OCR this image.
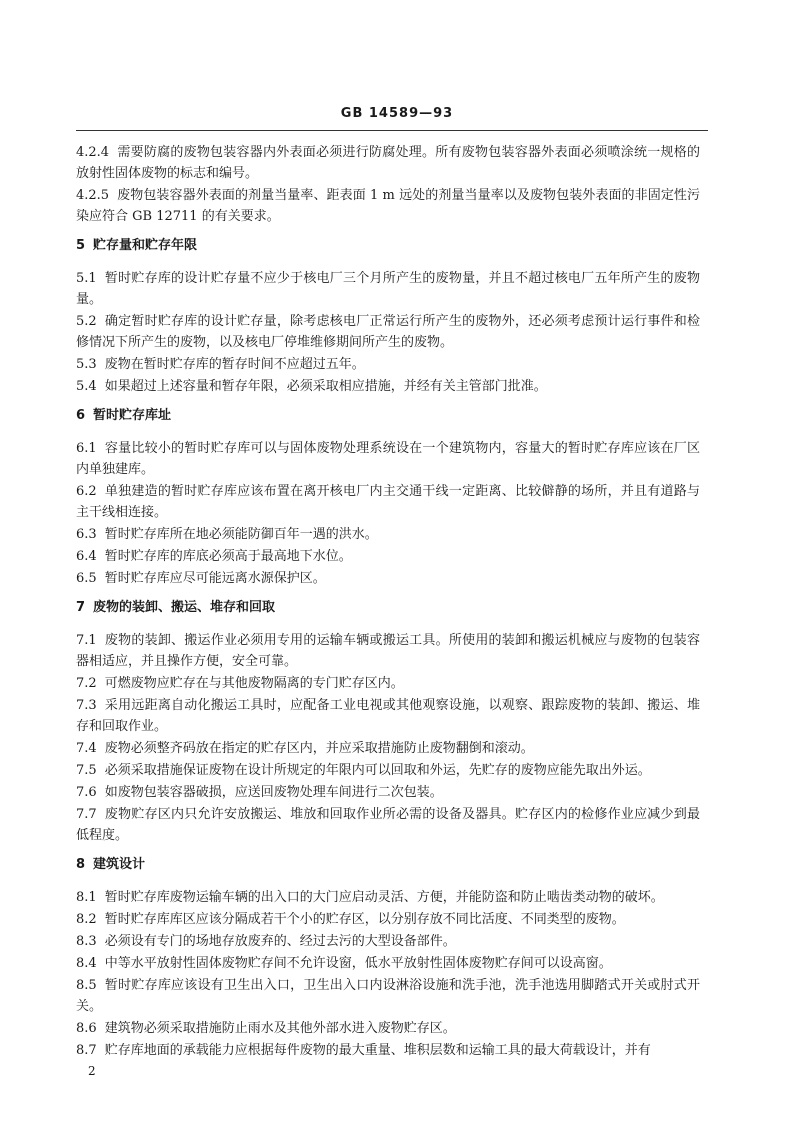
GB 14589—93
4.2.4 需要防腐的废物包装容器内外表面必须进行防腐处理。所有废物包装容器外表面必须喷涂统一规格的放射性固体废物的标志和编号。
4.2.5 废物包装容器外表面的剂量当量率、距表面 1 m 远处的剂量当量率以及废物包装外表面的非固定性污染应符合 GB 12711 的有关要求。
5 贮存量和贮存年限
5.1 暂时贮存库的设计贮存量不应少于核电厂三个月所产生的废物量，并且不超过核电厂五年所产生的废物量。
5.2 确定暂时贮存库的设计贮存量，除考虑核电厂正常运行所产生的废物外，还必须考虑预计运行事件和检修情况下所产生的废物，以及核电厂停堆维修期间所产生的废物。
5.3 废物在暂时贮存库的暂存时间不应超过五年。
5.4 如果超过上述容量和暂存年限，必须采取相应措施，并经有关主管部门批准。
6 暂时贮存库址
6.1 容量比较小的暂时贮存库可以与固体废物处理系统设在一个建筑物内，容量大的暂时贮存库应该在厂区内单独建库。
6.2 单独建造的暂时贮存库应该布置在离开核电厂内主交通干线一定距离、比较僻静的场所，并且有道路与主干线相连接。
6.3 暂时贮存库所在地必须能防御百年一遇的洪水。
6.4 暂时贮存库的库底必须高于最高地下水位。
6.5 暂时贮存库应尽可能远离水源保护区。
7 废物的装卸、搬运、堆存和回取
7.1 废物的装卸、搬运作业必须用专用的运输车辆或搬运工具。所使用的装卸和搬运机械应与废物的包装容器相适应，并且操作方便，安全可靠。
7.2 可燃废物应贮存在与其他废物隔离的专门贮存区内。
7.3 采用远距离自动化搬运工具时，应配备工业电视或其他观察设施，以观察、跟踪废物的装卸、搬运、堆存和回取作业。
7.4 废物必须整齐码放在指定的贮存区内，并应采取措施防止废物翻倒和滚动。
7.5 必须采取措施保证废物在设计所规定的年限内可以回取和外运，先贮存的废物应能先取出外运。
7.6 如废物包装容器破损，应送回废物处理车间进行二次包装。
7.7 废物贮存区内只允许安放搬运、堆放和回取作业所必需的设备及器具。贮存区内的检修作业应减少到最低程度。
8 建筑设计
8.1 暂时贮存库废物运输车辆的出入口的大门应启动灵活、方便，并能防盗和防止啮齿类动物的破坏。
8.2 暂时贮存库库区应该分隔成若干个小的贮存区，以分别存放不同比活度、不同类型的废物。
8.3 必须设有专门的场地存放废弃的、经过去污的大型设备部件。
8.4 中等水平放射性固体废物贮存间不允许设窗，低水平放射性固体废物贮存间可以设高窗。
8.5 暂时贮存库应该设有卫生出入口，卫生出入口内设淋浴设施和洗手池，洗手池选用脚踏式开关或肘式开关。
8.6 建筑物必须采取措施防止雨水及其他外部水进入废物贮存区。
8.7 贮存库地面的承载能力应根据每件废物的最大重量、堆积层数和运输工具的最大荷载设计，并有
2
